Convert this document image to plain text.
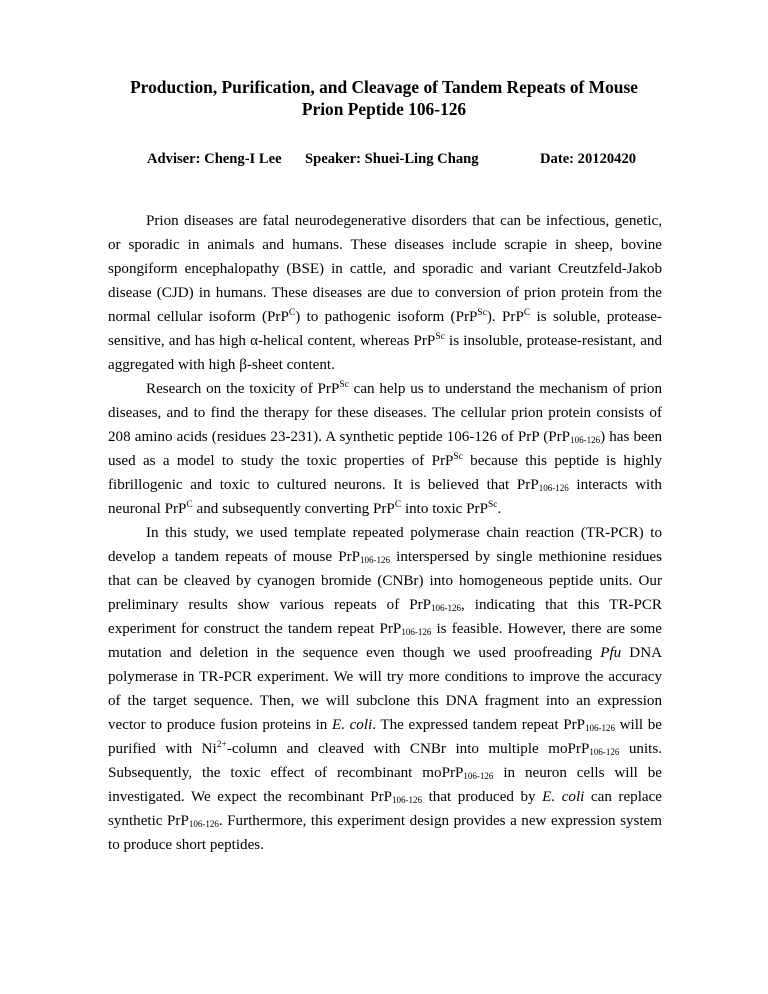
Production, Purification, and Cleavage of Tandem Repeats of Mouse
Prion Peptide 106-126
Adviser: Cheng-I Lee Speaker: Shuei-Ling Chang	Date: 20120420

Prion diseases are fatal neurodegenerative disorders that can be infectious, genetic, or sporadic in animals and humans. These diseases include scrapie in sheep, bovine spongiform encephalopathy (BSE) in cattle, and sporadic and variant Creutzfeld-Jakob disease (CJD) in humans. These diseases are due to conversion of prion protein from the normal cellular isoform (PrP$^C$) to pathogenic isoform (PrP$^{Sc}$). PrP$^C$ is soluble, protease-sensitive, and has high α-helical content, whereas PrP$^{Sc}$ is insoluble, protease-resistant, and aggregated with high β-sheet content.

Research on the toxicity of PrP$^{Sc}$ can help us to understand the mechanism of prion diseases, and to find the therapy for these diseases. The cellular prion protein consists of 208 amino acids (residues 23-231). A synthetic peptide 106-126 of PrP (PrP$_{106-126}$) has been used as a model to study the toxic properties of PrP$^{Sc}$ because this peptide is highly fibrillogenic and toxic to cultured neurons. It is believed that PrP$_{106-126}$ interacts with neuronal PrP$^C$ and subsequently converting PrP$^C$ into toxic PrP$^{Sc}$.

In this study, we used template repeated polymerase chain reaction (TR-PCR) to develop a tandem repeats of mouse PrP$_{106-126}$ interspersed by single methionine residues that can be cleaved by cyanogen bromide (CNBr) into homogeneous peptide units. Our preliminary results show various repeats of PrP$_{106-126}$, indicating that this TR-PCR experiment for construct the tandem repeat PrP$_{106-126}$ is feasible. However, there are some mutation and deletion in the sequence even though we used proofreading Pfu DNA polymerase in TR-PCR experiment. We will try more conditions to improve the accuracy of the target sequence. Then, we will subclone this DNA fragment into an expression vector to produce fusion proteins in E. coli. The expressed tandem repeat PrP$_{106-126}$ will be purified with $Ni^{2+}$-column and cleaved with CNBr into multiple moPrP$_{106-126}$ units. Subsequently, the toxic effect of recombinant moPrP$_{106-126}$ in neuron cells will be investigated. We expect the recombinant PrP$_{106-126}$ that produced by E. coli can replace synthetic PrP$_{106-126}$. Furthermore, this experiment design provides a new expression system to produce short peptides.
